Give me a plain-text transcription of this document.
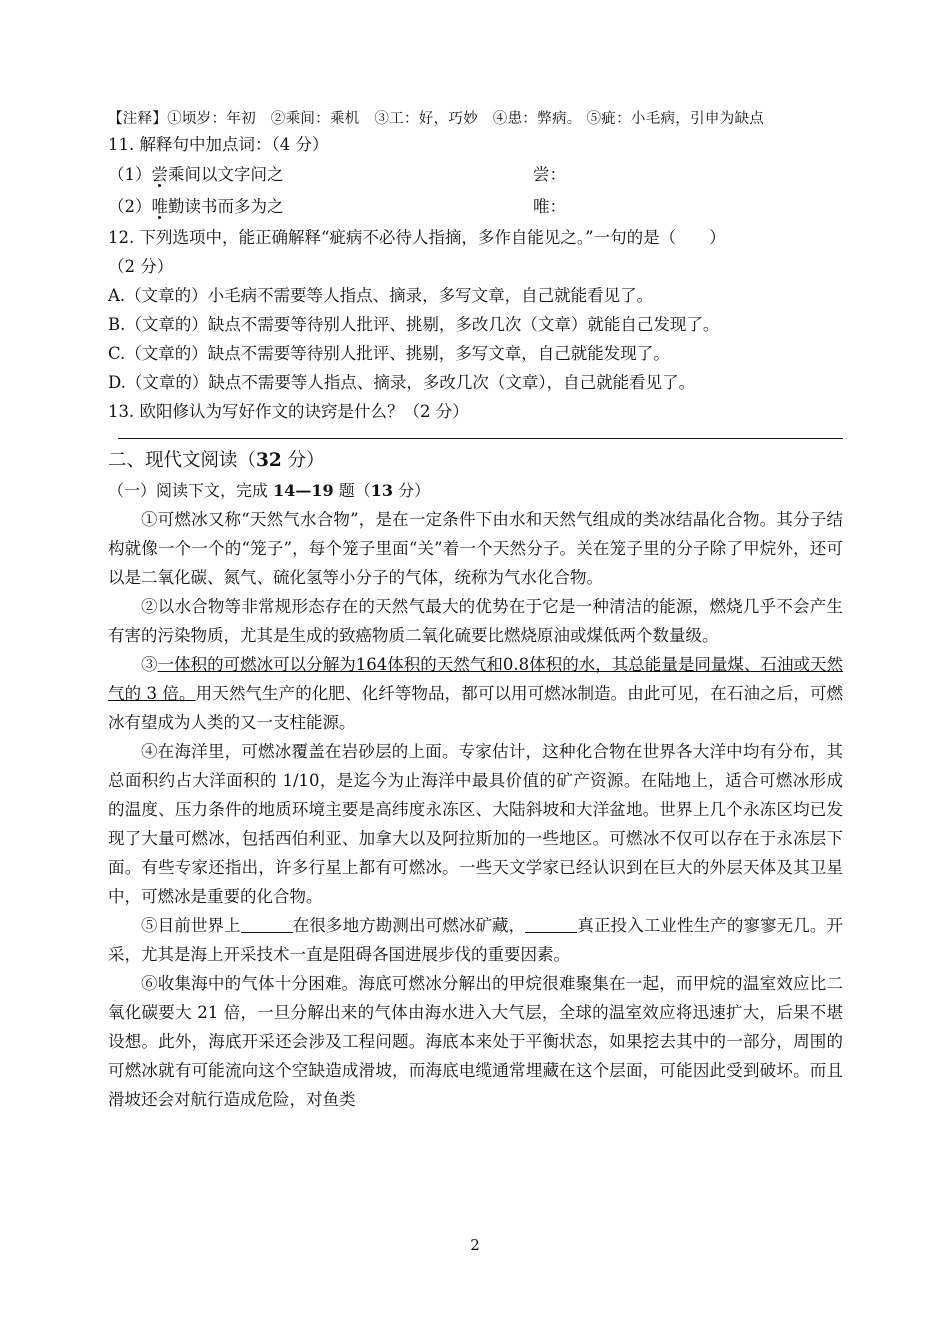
【注释】①顷岁：年初　②乘间：乘机　③工：好，巧妙　④患：弊病。 ⑤疵：小毛病，引申为缺点
11. 解释句中加点词：（4 分）
（1）尝乘间以文字问之	尝：
（2）唯勤读书而多为之	唯：
12. 下列选项中，能正确解释“疵病不必待人指摘，多作自能见之。”一句的是（　　）
（2 分）
A.（文章的）小毛病不需要等人指点、摘录，多写文章，自己就能看见了。
B.（文章的）缺点不需要等待别人批评、挑剔，多改几次（文章）就能自己发现了。
C.（文章的）缺点不需要等待别人批评、挑剔，多写文章，自己就能发现了。
D.（文章的）缺点不需要等人指点、摘录，多改几次（文章），自己就能看见了。
13. 欧阳修认为写好作文的诀窍是什么？（2 分）
二、现代文阅读（32 分）
（一）阅读下文，完成 14—19 题（13 分）

①可燃冰又称“天然气水合物”，是在一定条件下由水和天然气组成的类冰结晶化合物。其分子结构就像一个一个的“笼子”，每个笼子里面“关”着一个天然分子。关在笼子里的分子除了甲烷外，还可以是二氧化碳、氮气、硫化氢等小分子的气体，统称为气水化合物。

②以水合物等非常规形态存在的天然气最大的优势在于它是一种清洁的能源，燃烧几乎不会产生有害的污染物质，尤其是生成的致癌物质二氧化硫要比燃烧原油或煤低两个数量级。

③一体积的可燃冰可以分解为164体积的天然气和0.8体积的水，其总能量是同量煤、石油或天然气的 3 倍。用天然气生产的化肥、化纤等物品，都可以用可燃冰制造。由此可见，在石油之后，可燃冰有望成为人类的又一支柱能源。

④在海洋里，可燃冰覆盖在岩砂层的上面。专家估计，这种化合物在世界各大洋中均有分布，其总面积约占大洋面积的 1/10，是迄今为止海洋中最具价值的矿产资源。在陆地上，适合可燃冰形成的温度、压力条件的地质环境主要是高纬度永冻区、大陆斜坡和大洋盆地。世界上几个永冻区均已发现了大量可燃冰，包括西伯利亚、加拿大以及阿拉斯加的一些地区。可燃冰不仅可以存在于永冻层下面。有些专家还指出，许多行星上都有可燃冰。一些天文学家已经认识到在巨大的外层天体及其卫星中，可燃冰是重要的化合物。

⑤目前世界上	在很多地方勘测出可燃冰矿藏，	真正投入工业性生产的寥寥无几。开采，尤其是海上开采技术一直是阻碍各国进展步伐的重要因素。

⑥收集海中的气体十分困难。海底可燃冰分解出的甲烷很难聚集在一起，而甲烷的温室效应比二氧化碳要大 21 倍，一旦分解出来的气体由海水进入大气层，全球的温室效应将迅速扩大，后果不堪设想。此外，海底开采还会涉及工程问题。海底本来处于平衡状态，如果挖去其中的一部分，周围的可燃冰就有可能流向这个空缺造成滑坡，而海底电缆通常埋藏在这个层面，可能因此受到破坏。而且滑坡还会对航行造成危险，对鱼类

2
